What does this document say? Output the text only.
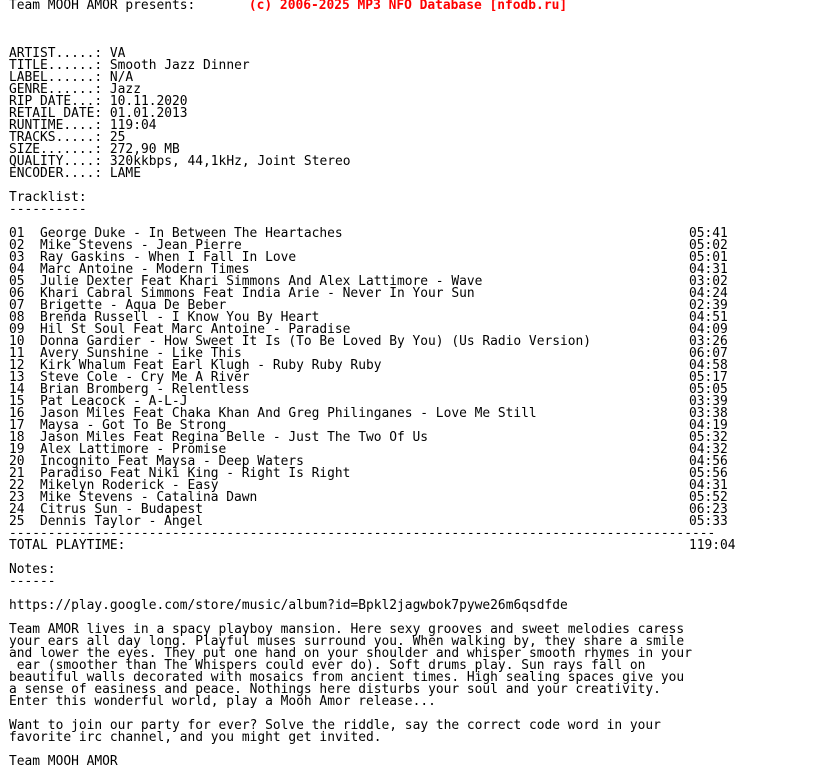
(c) 2006-2025 MP3 NFO Database [nfodb.ru]
Team MOOH AMOR presents:
ARTIST.....: VA
TITLE......: Smooth Jazz Dinner
LABEL......: N/A
GENRE......: Jazz
RIP DATE...: 10.11.2020
RETAIL DATE: 01.01.2013
RUNTIME....: 119:04
TRACKS.....: 25
SIZE.......: 272,90 MB
QUALITY....: 320kkbps, 44,1kHz, Joint Stereo
ENCODER....: LAME
Tracklist:
----------
01 George Duke - In Between The Heartaches	05:41
02 Mike Stevens - Jean Pierre	05:02
03 Ray Gaskins - When I Fall In Love	05:01
04 Marc Antoine - Modern Times	04:31
05 Julie Dexter Feat Khari Simmons And Alex Lattimore - Wave	03:02
06 Khari Cabral Simmons Feat India Arie - Never In Your Sun	04:24
07 Brigette - Aqua De Beber	02:39
08 Brenda Russell - I Know You By Heart	04:51
09 Hil St Soul Feat Marc Antoine - Paradise	04:09
10 Donna Gardier - How Sweet It Is (To Be Loved By You) (Us Radio Version)	03:26
11 Avery Sunshine - Like This	06:07
12 Kirk Whalum Feat Earl Klugh - Ruby Ruby Ruby	04:58
13 Steve Cole - Cry Me A River	05:17
14 Brian Bromberg - Relentless	05:05
15 Pat Leacock - A-L-J	03:39
16 Jason Miles Feat Chaka Khan And Greg Philinganes - Love Me Still	03:38
17 Maysa - Got To Be Strong	04:19
18 Jason Miles Feat Regina Belle - Just The Two Of Us	05:32
19 Alex Lattimore - Promise	04:32
20 Incognito Feat Maysa - Deep Waters	04:56
21 Paradiso Feat Niki King - Right Is Right	05:56
22 Mikelyn Roderick - Easy	04:31
23 Mike Stevens - Catalina Dawn	05:52
24 Citrus Sun - Budapest	06:23
25 Dennis Taylor - Angel	05:33
-------------------------------------------------------------------------------------------
TOTAL PLAYTIME:	119:04
Notes:
------
https://play.google.com/store/music/album?id=Bpkl2jagwbok7pywe26m6qsdfde
Team AMOR lives in a spacy playboy mansion. Here sexy grooves and sweet melodies caress
your ears all day long. Playful muses surround you. When walking by, they share a smile
and lower the eyes. They put one hand on your shoulder and whisper smooth rhymes in your
ear (smoother than The Whispers could ever do). Soft drums play. Sun rays fall on
beautiful walls decorated with mosaics from ancient times. High sealing spaces give you
a sense of easiness and peace. Nothings here disturbs your soul and your creativity.
Enter this wonderful world, play a Mooh Amor release...
Want to join our party for ever? Solve the riddle, say the correct code word in your
favorite irc channel, and you might get invited.
Team MOOH AMOR
